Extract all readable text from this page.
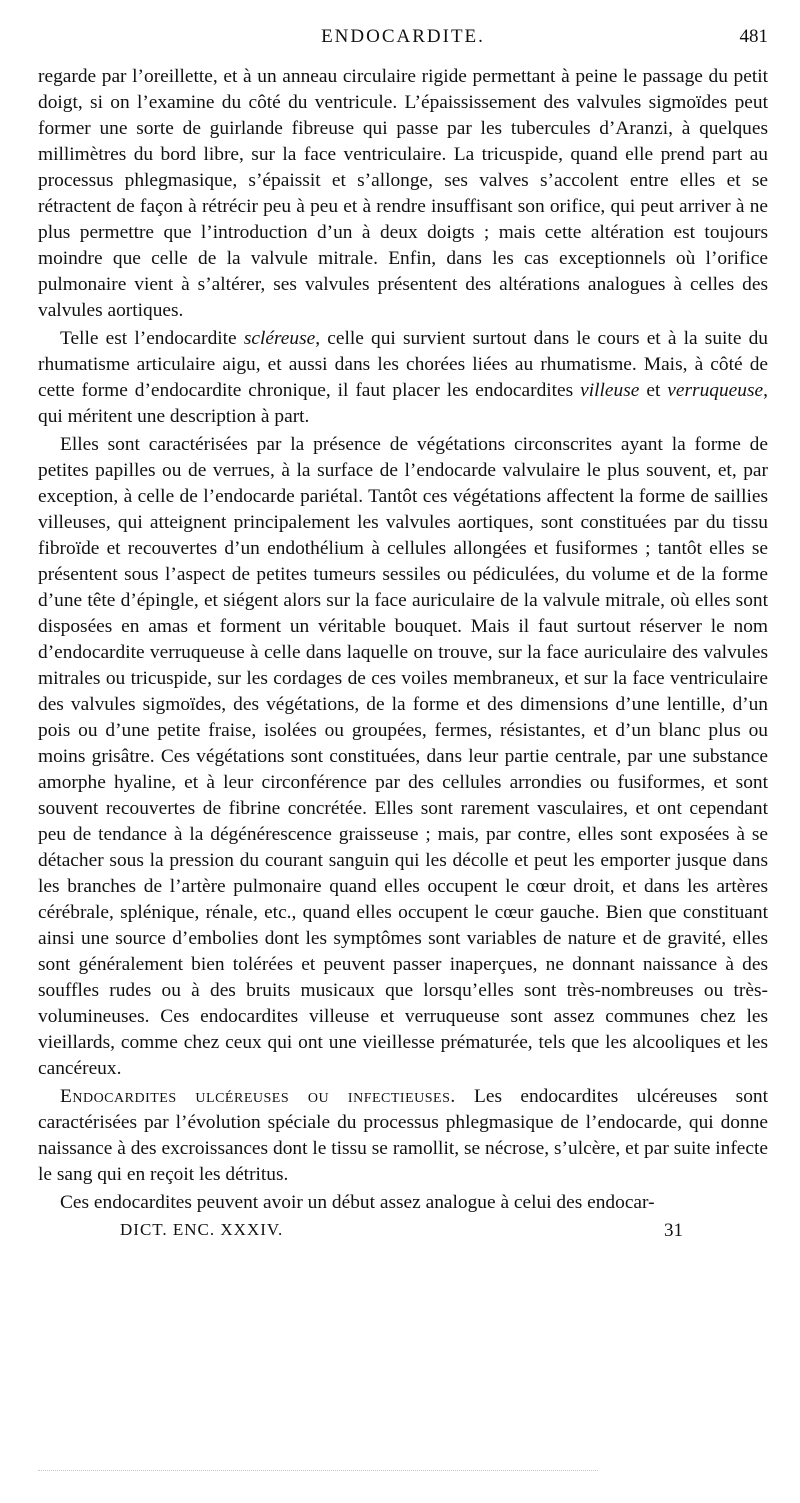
ENDOCARDITE.	481

regarde par l’oreillette, et à un anneau circulaire rigide permettant à peine le passage du petit doigt, si on l’examine du côté du ventricule. L’épaississement des valvules sigmoïdes peut former une sorte de guirlande fibreuse qui passe par les tubercules d’Aranzi, à quelques millimètres du bord libre, sur la face ventriculaire. La tricuspide, quand elle prend part au processus phlegmasique, s’épaissit et s’allonge, ses valves s’accolent entre elles et se rétractent de façon à rétrécir peu à peu et à rendre insuffisant son orifice, qui peut arriver à ne plus permettre que l’introduction d’un à deux doigts ; mais cette altération est toujours moindre que celle de la valvule mitrale. Enfin, dans les cas exceptionnels où l’orifice pulmonaire vient à s’altérer, ses valvules présentent des altérations analogues à celles des valvules aortiques.

Telle est l’endocardite scléreuse, celle qui survient surtout dans le cours et à la suite du rhumatisme articulaire aigu, et aussi dans les chorées liées au rhumatisme. Mais, à côté de cette forme d’endocardite chronique, il faut placer les endocardites villeuse et verruqueuse, qui méritent une description à part.

Elles sont caractérisées par la présence de végétations circonscrites ayant la forme de petites papilles ou de verrues, à la surface de l’endocarde valvulaire le plus souvent, et, par exception, à celle de l’endocarde pariétal. Tantôt ces végétations affectent la forme de saillies villeuses, qui atteignent principalement les valvules aortiques, sont constituées par du tissu fibroïde et recouvertes d’un endothélium à cellules allongées et fusiformes ; tantôt elles se présentent sous l’aspect de petites tumeurs sessiles ou pédiculées, du volume et de la forme d’une tête d’épingle, et siégent alors sur la face auriculaire de la valvule mitrale, où elles sont disposées en amas et forment un véritable bouquet. Mais il faut surtout réserver le nom d’endocardite verruqueuse à celle dans laquelle on trouve, sur la face auriculaire des valvules mitrales ou tricuspide, sur les cordages de ces voiles membraneux, et sur la face ventriculaire des valvules sigmoïdes, des végétations, de la forme et des dimensions d’une lentille, d’un pois ou d’une petite fraise, isolées ou groupées, fermes, résistantes, et d’un blanc plus ou moins grisâtre. Ces végétations sont constituées, dans leur partie centrale, par une substance amorphe hyaline, et à leur circonférence par des cellules arrondies ou fusiformes, et sont souvent recouvertes de fibrine concrétée. Elles sont rarement vasculaires, et ont cependant peu de tendance à la dégénérescence graisseuse ; mais, par contre, elles sont exposées à se détacher sous la pression du courant sanguin qui les décolle et peut les emporter jusque dans les branches de l’artère pulmonaire quand elles occupent le cœur droit, et dans les artères cérébrale, splénique, rénale, etc., quand elles occupent le cœur gauche. Bien que constituant ainsi une source d’embolies dont les symptômes sont variables de nature et de gravité, elles sont généralement bien tolérées et peuvent passer inaperçues, ne donnant naissance à des souffles rudes ou à des bruits musicaux que lorsqu’elles sont très-nombreuses ou très-volumineuses. Ces endocardites villeuse et verruqueuse sont assez communes chez les vieillards, comme chez ceux qui ont une vieillesse prématurée, tels que les alcooliques et les cancéreux.

Endocardites ulcéreuses ou infectieuses. Les endocardites ulcéreuses sont caractérisées par l’évolution spéciale du processus phlegmasique de l’endocarde, qui donne naissance à des excroissances dont le tissu se ramollit, se nécrose, s’ulcère, et par suite infecte le sang qui en reçoit les détritus.

Ces endocardites peuvent avoir un début assez analogue à celui des endocar-

DICT. ENC. XXXIV.	31
